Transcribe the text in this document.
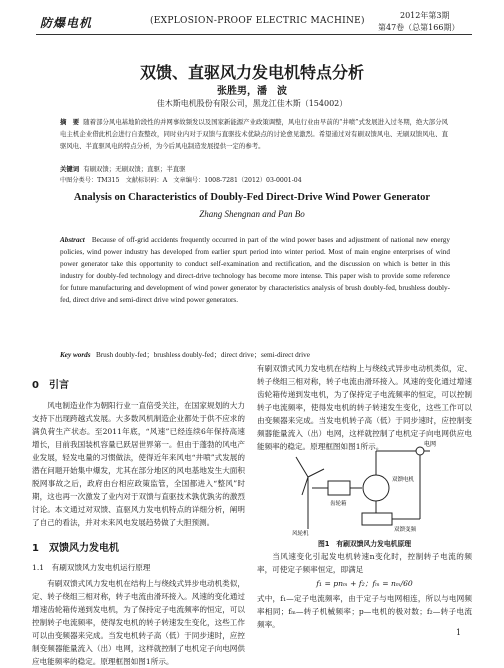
防爆电机	(EXPLOSION-PROOF ELECTRIC MACHINE)
2012年第3期
第47卷（总第166期）
双馈、直驱风力发电机特点分析
张胜男，潘　波
佳木斯电机股份有限公司，黑龙江佳木斯（154002）
摘　要 随着部分风电基地阶段性的并网事故频发以及国家新能源产业政策调整，风电行业由早前的“井喷”式发展进入过冬期，绝大部分风电主机企业借此机会进行自查整改，同时业内对于双馈与直驱技术优缺点的讨论愈见激烈。希望通过对有刷双馈风电、无刷双馈风电、直驱风电、半直驱风电的特点分析，为今后风电制造发展提供一定的参考。
关键词 有刷双馈；无刷双馈；直驱；半直驱
中图分类号：TM315　文献标识码：A　文章编号：1008-7281（2012）03-0001-04
Analysis on Characteristics of Doubly-Fed Direct-Drive Wind Power Generator
Zhang Shengnan and Pan Bo
Abstract Because of off-grid accidents frequently occurred in part of the wind power bases and adjustment of national new energy policies, wind power industry has developed from earlier spurt period into winter period. Most of main engine enterprises of wind power generator take this opportunity to conduct self-examination and rectification, and the discussion on which is better in this industry for doubly-fed technology and direct-drive technology has become more intense. This paper wish to provide some reference for future manufacturing and development of wind power generator by characteristics analysis of brush doubly-fed, brushless doubly-fed, direct drive and semi-direct drive wind power generators.
Key words Brush doubly-fed；brushless doubly-fed；direct drive；semi-direct drive
0　引言
风电制造业作为朝阳行业一直倍受关注，在国家规划的大力支持下出现跨越式发展。大多数风机制造企业都处于供不应求的满负荷生产状态。至2011年底，“风速”已经连续6年保持高速增长，目前我国装机容量已跃居世界第一。但由于蓬勃的风电产业发展，轻发电量的习惯做法，使得近年来风电“井喷”式发展的潜在问题开始集中爆发，尤其在部分地区的风电基地发生大面积脱网事故之后，政府由台相应政策监管，全国都进入“整风”时期，这也再一次激发了业内对于双馈与直驱技术孰优孰劣的激烈讨论。本文通过对双馈、直驱风力发电机特点的详细分析，阐明了自己的看法，并对未来风电发展趋势做了大胆预测。
1　双馈风力发电机
1.1　有刷双馈风力发电机运行原理
有刷双馈式风力发电机在结构上与绕线式异步电动机类似，定、转子绕组三相对称，转子电流由滑环接入。风速的变化通过增速齿轮箱传递到发电机，为了保持定子电流频率的恒定，可以控制转子电流频率，使得发电机的转子转速发生变化，这些工作可以由变频器来完成。当发电机转子高（低）于同步速时，应控制变频器能量流入（出）电网，这样就控制了电机定子向电网供应电能频率的稳定。原理框图如图1所示。
有刷双馈式风力发电机在结构上与绕线式异步电动机类似，定、转子绕组三相对称，转子电流由滑环接入。风速的变化通过增速齿轮箱传递到发电机，为了保持定子电流频率的恒定，可以控制转子电流频率，使得发电机的转子转速发生变化，这些工作可以由变频器来完成。当发电机转子高（低）于同步速时，应控制变频器能量流入（出）电网，这样就控制了电机定子向电网供应电能频率的稳定。原理框图如图1所示。	电网
齿轮箱
双馈电机
双馈变频
风轮机
图1　有刷双馈风力发电机原理
当风速变化引起发电机转速n变化时，控制转子电流的频率，可使定子频率恒定，即满足
f₁ = pnₘ + f₂；fₘ = nₘ/60
式中，f₁—定子电流频率，由于定子与电网相连，所以与电网频率相同；fₘ—转子机械频率；p—电机的极对数；f₂—转子电流频率。
1
